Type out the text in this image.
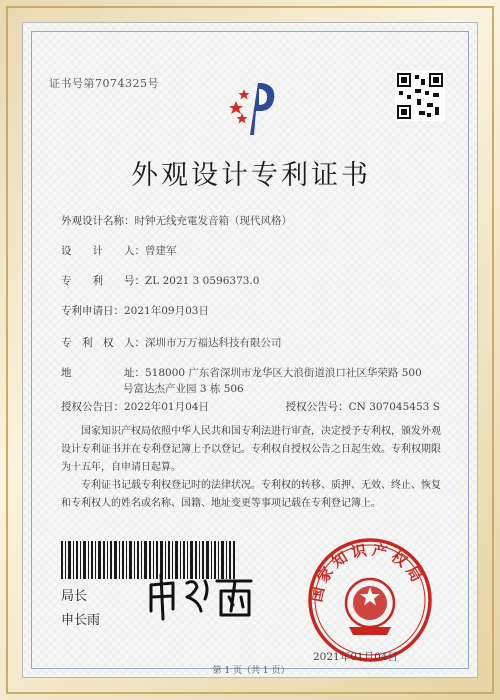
证书号第7074325号
外观设计专利证书
外观设计名称：时钟无线充電发音箱（现代风格）
设　　计　　人：曾建军
专　　利　　号：ZL 2021 3 0596373.0
专利申请日：2021年09月03日
专　利　权　人：深圳市万万福达科技有限公司
地　　　　　址：518000 广东省深圳市龙华区大浪街道浪口社区华荣路 500
号富达杰产业园 3 栋 506
授权公告日：2022年01月04日	授权公告号：CN 307045453 S

国家知识产权局依照中华人民共和国专利法进行审查，决定授予专利权，颁发外观设计专利证书并在专利登记簿上予以登记。专利权自授权公告之日起生效。专利权期限为十五年，自申请日起算。

专利证书记载专利权登记时的法律状况。专利权的转移、质押、无效、终止、恢复和专利权人的姓名或名称、国籍、地址变更等事项记载在专利登记簿上。

局长
申长雨
国家知识产权局
2021年01月04日
第 1 页（共 1 页）
